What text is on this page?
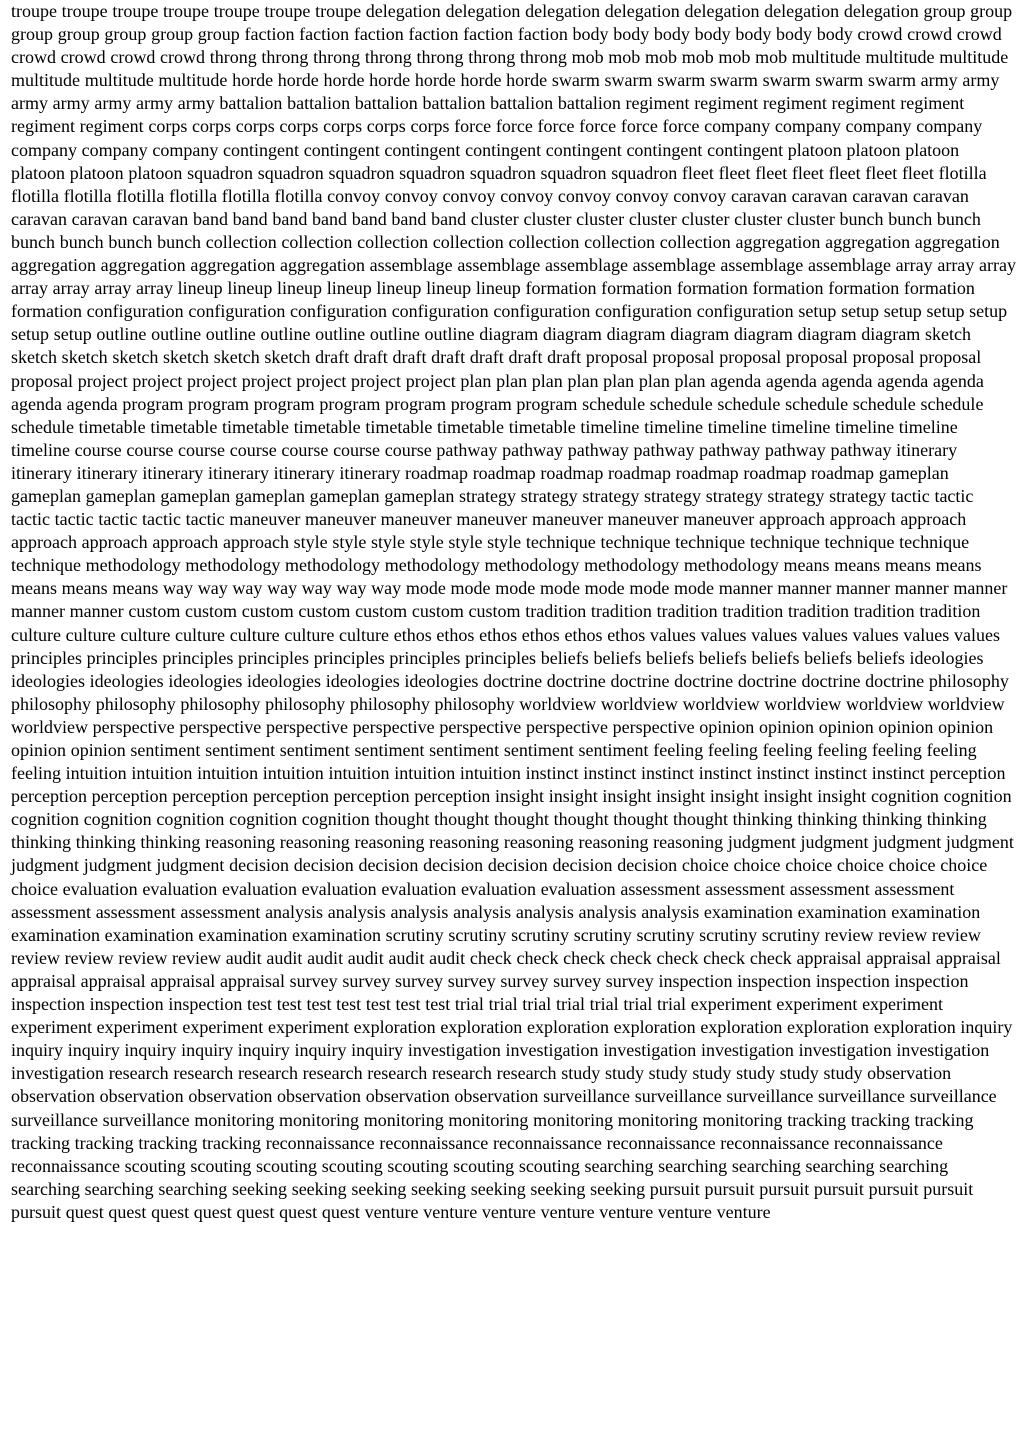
troupe troupe troupe troupe troupe troupe troupe delegation delegation delegation delegation delegation delegation delegation group group group group group group group faction faction faction faction faction faction body body body body body body body crowd crowd crowd crowd crowd crowd crowd throng throng throng throng throng throng throng mob mob mob mob mob mob multitude multitude multitude multitude multitude multitude horde horde horde horde horde horde horde swarm swarm swarm swarm swarm swarm swarm army army army army army army army battalion battalion battalion battalion battalion battalion regiment regiment regiment regiment regiment regiment regiment corps corps corps corps corps corps corps force force force force force force company company company company company company company contingent contingent contingent contingent contingent contingent contingent platoon platoon platoon platoon platoon platoon squadron squadron squadron squadron squadron squadron squadron fleet fleet fleet fleet fleet fleet fleet flotilla flotilla flotilla flotilla flotilla flotilla flotilla convoy convoy convoy convoy convoy convoy convoy caravan caravan caravan caravan caravan caravan caravan band band band band band band band cluster cluster cluster cluster cluster cluster cluster bunch bunch bunch bunch bunch bunch bunch collection collection collection collection collection collection collection aggregation aggregation aggregation aggregation aggregation aggregation aggregation assemblage assemblage assemblage assemblage assemblage assemblage array array array array array array array lineup lineup lineup lineup lineup lineup lineup formation formation formation formation formation formation formation configuration configuration configuration configuration configuration configuration configuration setup setup setup setup setup setup setup outline outline outline outline outline outline outline diagram diagram diagram diagram diagram diagram diagram sketch sketch sketch sketch sketch sketch sketch draft draft draft draft draft draft draft proposal proposal proposal proposal proposal proposal proposal project project project project project project project plan plan plan plan plan plan plan agenda agenda agenda agenda agenda agenda agenda program program program program program program program schedule schedule schedule schedule schedule schedule schedule timetable timetable timetable timetable timetable timetable timetable timeline timeline timeline timeline timeline timeline timeline course course course course course course course pathway pathway pathway pathway pathway pathway pathway itinerary itinerary itinerary itinerary itinerary itinerary itinerary roadmap roadmap roadmap roadmap roadmap roadmap roadmap gameplan gameplan gameplan gameplan gameplan gameplan gameplan strategy strategy strategy strategy strategy strategy strategy tactic tactic tactic tactic tactic tactic tactic maneuver maneuver maneuver maneuver maneuver maneuver maneuver approach approach approach approach approach approach approach style style style style style style technique technique technique technique technique technique technique methodology methodology methodology methodology methodology methodology methodology means means means means means means means way way way way way way way mode mode mode mode mode mode mode manner manner manner manner manner manner manner custom custom custom custom custom custom custom tradition tradition tradition tradition tradition tradition tradition culture culture culture culture culture culture culture ethos ethos ethos ethos ethos ethos values values values values values values values principles principles principles principles principles principles principles beliefs beliefs beliefs beliefs beliefs beliefs beliefs ideologies ideologies ideologies ideologies ideologies ideologies ideologies doctrine doctrine doctrine doctrine doctrine doctrine doctrine philosophy philosophy philosophy philosophy philosophy philosophy philosophy worldview worldview worldview worldview worldview worldview worldview perspective perspective perspective perspective perspective perspective perspective opinion opinion opinion opinion opinion opinion opinion sentiment sentiment sentiment sentiment sentiment sentiment sentiment feeling feeling feeling feeling feeling feeling feeling intuition intuition intuition intuition intuition intuition intuition instinct instinct instinct instinct instinct instinct instinct perception perception perception perception perception perception perception insight insight insight insight insight insight insight cognition cognition cognition cognition cognition cognition cognition thought thought thought thought thought thought thinking thinking thinking thinking thinking thinking thinking reasoning reasoning reasoning reasoning reasoning reasoning reasoning judgment judgment judgment judgment judgment judgment judgment decision decision decision decision decision decision decision choice choice choice choice choice choice choice evaluation evaluation evaluation evaluation evaluation evaluation evaluation assessment assessment assessment assessment assessment assessment assessment analysis analysis analysis analysis analysis analysis analysis examination examination examination examination examination examination examination scrutiny scrutiny scrutiny scrutiny scrutiny scrutiny scrutiny review review review review review review review audit audit audit audit audit audit check check check check check check check appraisal appraisal appraisal appraisal appraisal appraisal appraisal survey survey survey survey survey survey survey inspection inspection inspection inspection inspection inspection inspection test test test test test test test trial trial trial trial trial trial trial experiment experiment experiment experiment experiment experiment experiment exploration exploration exploration exploration exploration exploration exploration inquiry inquiry inquiry inquiry inquiry inquiry inquiry inquiry investigation investigation investigation investigation investigation investigation investigation research research research research research research research study study study study study study study observation observation observation observation observation observation observation surveillance surveillance surveillance surveillance surveillance surveillance surveillance monitoring monitoring monitoring monitoring monitoring monitoring monitoring tracking tracking tracking tracking tracking tracking tracking reconnaissance reconnaissance reconnaissance reconnaissance reconnaissance reconnaissance reconnaissance scouting scouting scouting scouting scouting scouting scouting searching searching searching searching searching searching searching searching seeking seeking seeking seeking seeking seeking seeking pursuit pursuit pursuit pursuit pursuit pursuit pursuit quest quest quest quest quest quest quest venture venture venture venture venture venture venture
